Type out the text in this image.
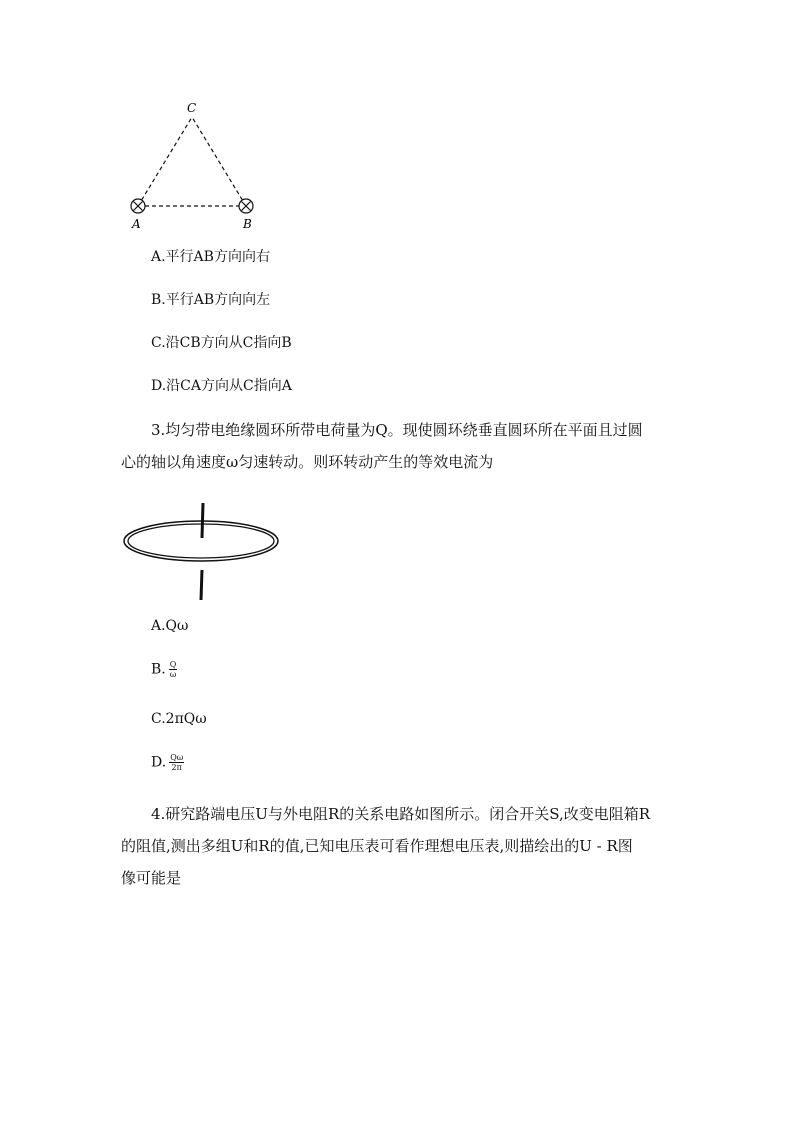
C
A	B
A.平行AB方向向右
B.平行AB方向向左
C.沿CB方向从C指向B
D.沿CA方向从C指向A
3.均匀带电绝缘圆环所带电荷量为Q。现使圆环绕垂直圆环所在平面且过圆
心的轴以角速度ω匀速转动。则环转动产生的等效电流为
A.Qω
B. $\frac{Q}{\omega}$
C.2πQω
D. $\frac{Q\omega}{2\pi}$
4.研究路端电压U与外电阻R的关系电路如图所示。闭合开关S,改变电阻箱R
的阻值,测出多组U和R的值,已知电压表可看作理想电压表,则描绘出的U - R图
像可能是
